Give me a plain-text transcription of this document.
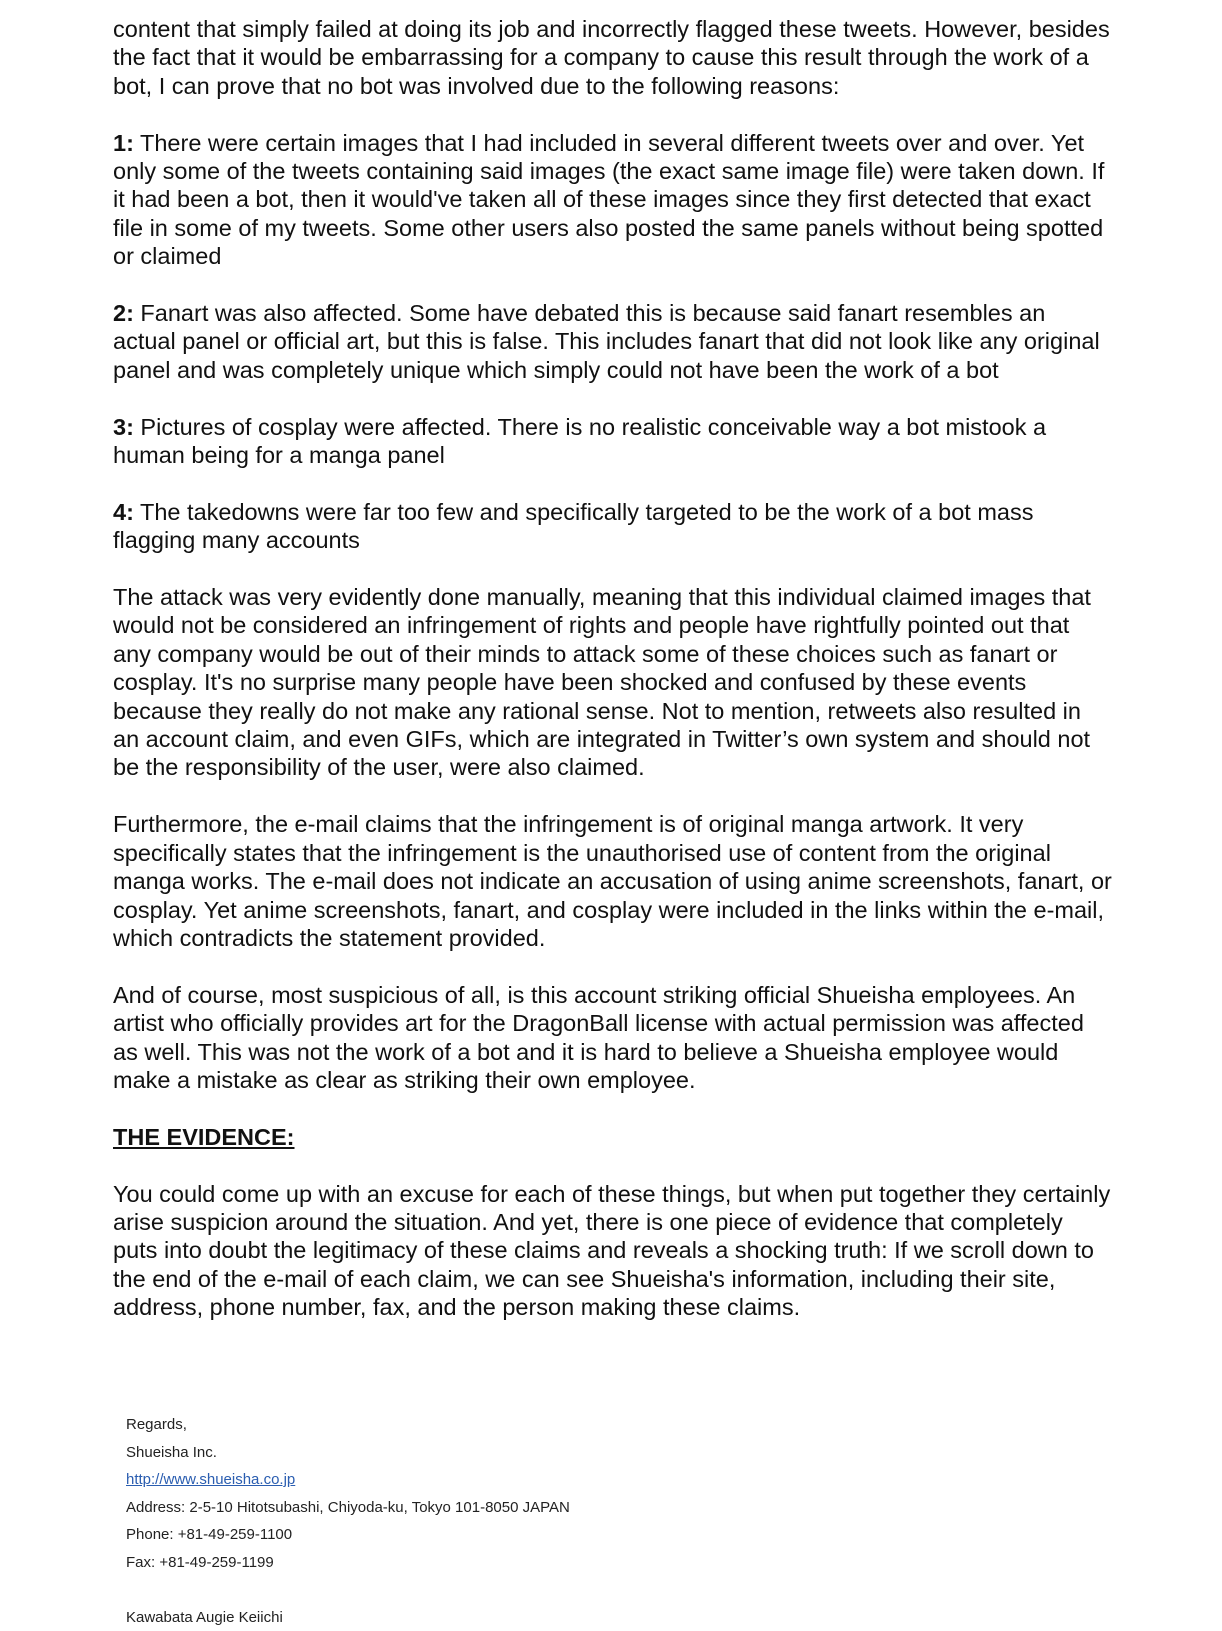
content that simply failed at doing its job and incorrectly flagged these tweets. However, besides the fact that it would be embarrassing for a company to cause this result through the work of a bot, I can prove that no bot was involved due to the following reasons:

1: There were certain images that I had included in several different tweets over and over. Yet only some of the tweets containing said images (the exact same image file) were taken down. If it had been a bot, then it would've taken all of these images since they first detected that exact file in some of my tweets. Some other users also posted the same panels without being spotted or claimed

2: Fanart was also affected. Some have debated this is because said fanart resembles an actual panel or official art, but this is false. This includes fanart that did not look like any original panel and was completely unique which simply could not have been the work of a bot

3: Pictures of cosplay were affected. There is no realistic conceivable way a bot mistook a human being for a manga panel

4: The takedowns were far too few and specifically targeted to be the work of a bot mass flagging many accounts

The attack was very evidently done manually, meaning that this individual claimed images that would not be considered an infringement of rights and people have rightfully pointed out that any company would be out of their minds to attack some of these choices such as fanart or cosplay. It's no surprise many people have been shocked and confused by these events because they really do not make any rational sense. Not to mention, retweets also resulted in an account claim, and even GIFs, which are integrated in Twitter’s own system and should not be the responsibility of the user, were also claimed.

Furthermore, the e-mail claims that the infringement is of original manga artwork. It very specifically states that the infringement is the unauthorised use of content from the original manga works. The e-mail does not indicate an accusation of using anime screenshots, fanart, or cosplay. Yet anime screenshots, fanart, and cosplay were included in the links within the e-mail, which contradicts the statement provided.

And of course, most suspicious of all, is this account striking official Shueisha employees. An artist who officially provides art for the DragonBall license with actual permission was affected as well. This was not the work of a bot and it is hard to believe a Shueisha employee would make a mistake as clear as striking their own employee.

THE EVIDENCE:

You could come up with an excuse for each of these things, but when put together they certainly arise suspicion around the situation. And yet, there is one piece of evidence that completely puts into doubt the legitimacy of these claims and reveals a shocking truth: If we scroll down to the end of the e-mail of each claim, we can see Shueisha's information, including their site, address, phone number, fax, and the person making these claims.

Regards,
Shueisha Inc.
http://www.shueisha.co.jp
Address: 2-5-10 Hitotsubashi, Chiyoda-ku, Tokyo 101-8050 JAPAN
Phone: +81-49-259-1100
Fax: +81-49-259-1199
Kawabata Augie Keiichi
